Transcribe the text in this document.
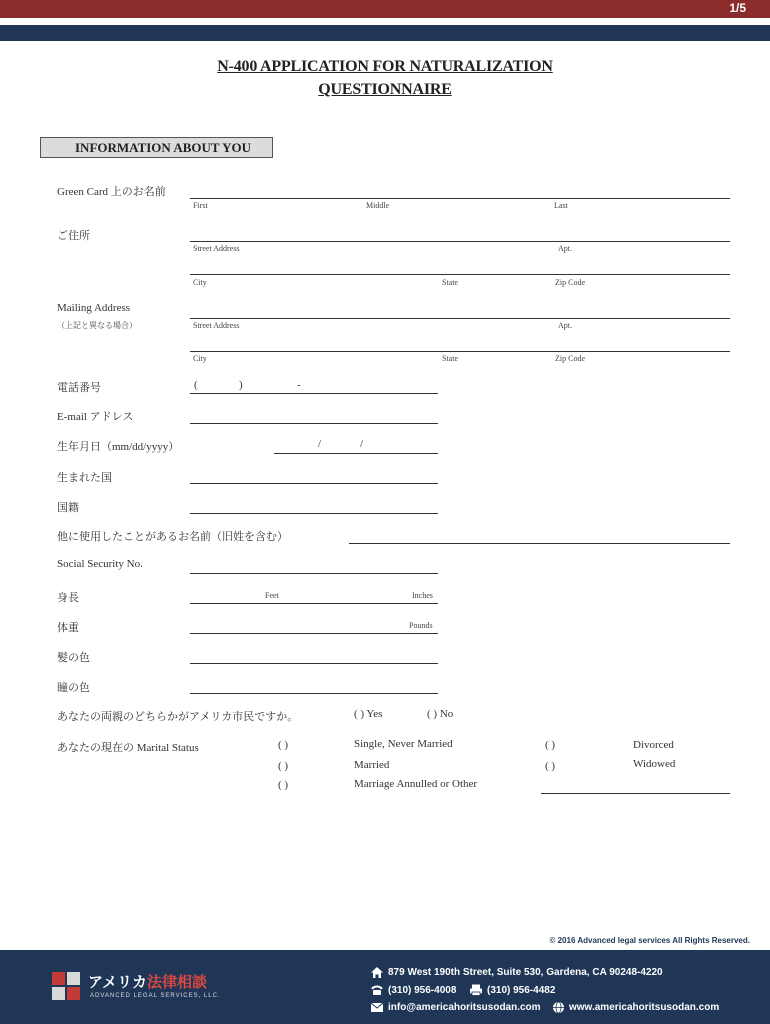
1/5
N-400 APPLICATION FOR NATURALIZATION
QUESTIONNAIRE
INFORMATION ABOUT YOU
Green Card 上のお名前
First	Middle	Last
ご住所
Street Address	Apt.
City	State	Zip Code
Mailing Address
（上記と異なる場合）	Street Address	Apt.
City	State	Zip Code
電話番号	(	)	-
E-mail アドレス
生年月日（mm/dd/yyyy）	/	/
生まれた国
国籍
他に使用したことがあるお名前（旧姓を含む）
Social Security No.
身長	Feet	Inches
体重	Pounds
髪の色
瞳の色
あなたの両親のどちらかがアメリカ市民ですか。	( ) Yes	( ) No
あなたの現在の Marital Status	( )	Single, Never Married
( )	Married
( )	Marriage Annulled or Other
( )	Divorced
( )	Widowed
© 2016 Advanced legal services All Rights Reserved.
アメリカ法律相談
ADVANCED LEGAL SERVICES, LLC.
879 West 190th Street, Suite 530, Gardena, CA 90248-4220
(310) 956-4008	(310) 956-4482
info@americahoritsusodan.com	www.americahoritsusodan.com
